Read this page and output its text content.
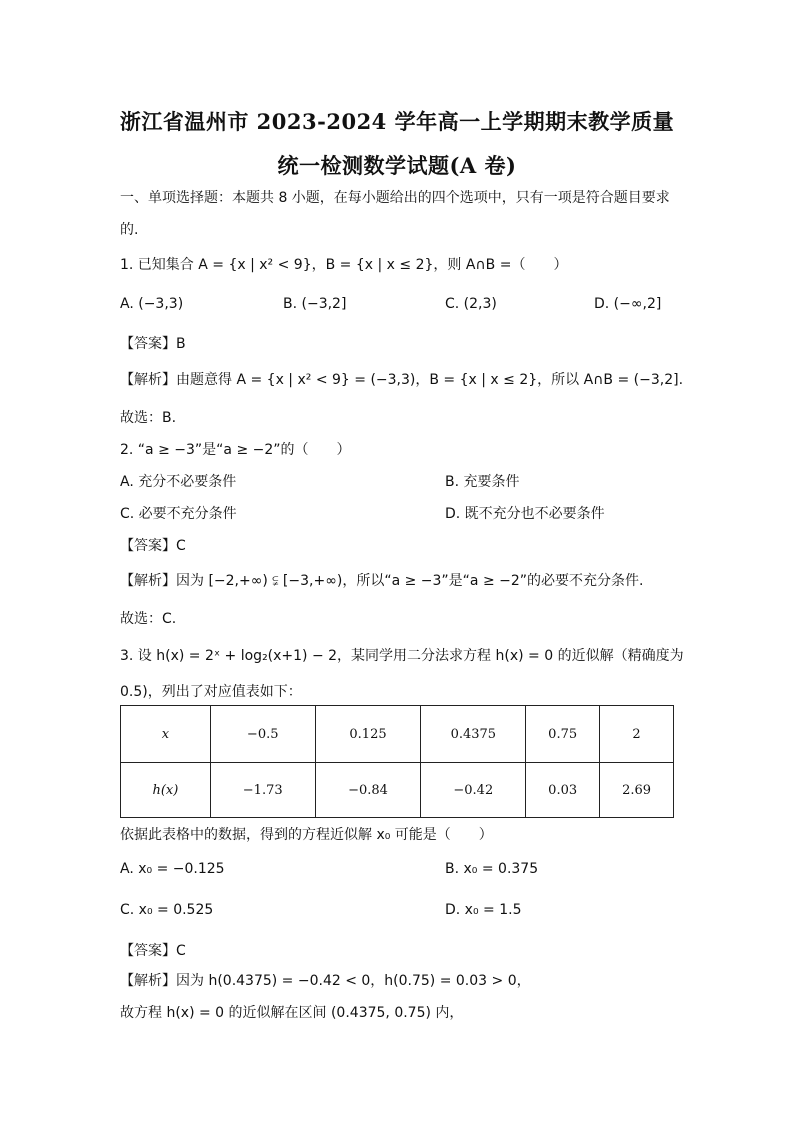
浙江省温州市 2023-2024 学年高一上学期期末教学质量
统一检测数学试题(A 卷)
一、单项选择题：本题共 8 小题，在每小题给出的四个选项中，只有一项是符合题目要求
的.
1. 已知集合 A = {x | x² < 9}，B = {x | x ≤ 2}，则 A∩B =（　　）
A. (−3,3)	B. (−3,2]	C. (2,3)	D. (−∞,2]
【答案】B
【解析】由题意得 A = {x | x² < 9} = (−3,3)，B = {x | x ≤ 2}，所以 A∩B = (−3,2].
故选：B.
2. “a ≥ −3”是“a ≥ −2”的（　　）
A. 充分不必要条件	B. 充要条件
C. 必要不充分条件	D. 既不充分也不必要条件
【答案】C
【解析】因为 [−2,+∞) ⫋ [−3,+∞)，所以“a ≥ −3”是“a ≥ −2”的必要不充分条件.
故选：C.
3. 设 h(x) = 2ˣ + log₂(x+1) − 2，某同学用二分法求方程 h(x) = 0 的近似解（精确度为
0.5)，列出了对应值表如下：
x	−0.5	0.125	0.4375	0.75	2
h(x)	−1.73	−0.84	−0.42	0.03	2.69
依据此表格中的数据，得到的方程近似解 x₀ 可能是（　　）
A. x₀ = −0.125	B. x₀ = 0.375
C. x₀ = 0.525	D. x₀ = 1.5
【答案】C
【解析】因为 h(0.4375) = −0.42 < 0，h(0.75) = 0.03 > 0，
故方程 h(x) = 0 的近似解在区间 (0.4375, 0.75) 内，
